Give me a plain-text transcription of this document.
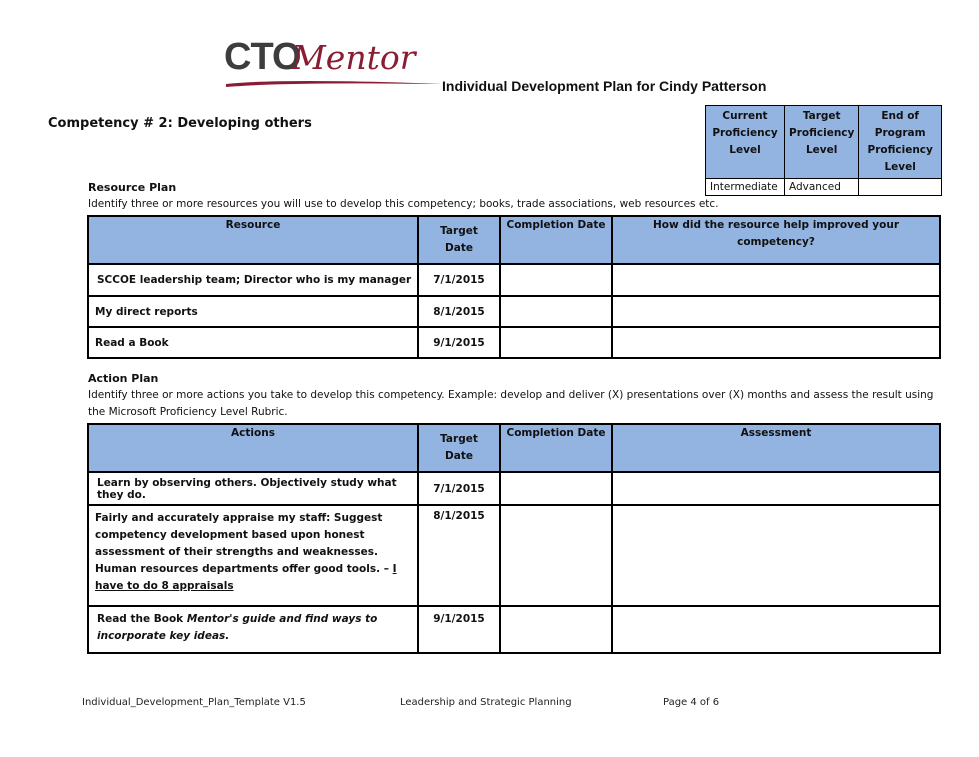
CTO
Mentor
Individual Development Plan for Cindy Patterson
Competency # 2: Developing others	Current Proficiency Level	Target Proficiency Level	End of Program Proficiency Level
Intermediate	Advanced	
Resource Plan
Identify three or more resources you will use to develop this competency; books, trade associations, web resources etc.
Resource	Target Date	Completion Date	How did the resource help improved your competency?
SCCOE leadership team; Director who is my manager	7/1/2015		
My direct reports	8/1/2015		
Read a Book	9/1/2015		
Action Plan
Identify three or more actions you take to develop this competency. Example: develop and deliver (X) presentations over (X) months and assess the result using the Microsoft Proficiency Level Rubric.
Actions	Target Date	Completion Date	Assessment
Learn by observing others. Objectively study what they do.	7/1/2015		
Fairly and accurately appraise my staff: Suggest competency development based upon honest assessment of their strengths and weaknesses. Human resources departments offer good tools. – I have to do 8 appraisals	8/1/2015		
Read the Book Mentor's guide and find ways to incorporate key ideas.	9/1/2015		
Individual_Development_Plan_Template V1.5	Leadership and Strategic Planning	Page 4 of 6
